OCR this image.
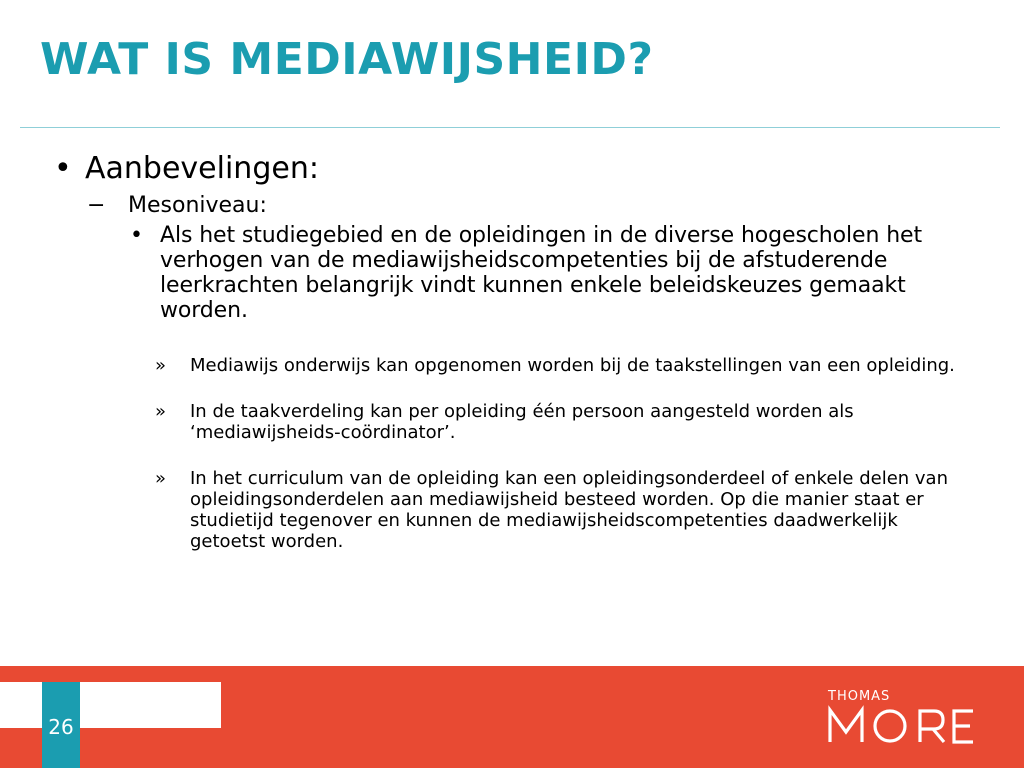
WAT IS MEDIAWIJSHEID?
• Aanbevelingen:
− Mesoniveau:
• Als het studiegebied en de opleidingen in de diverse hogescholen het verhogen van de mediawijsheidscompetenties bij de afstuderende leerkrachten belangrijk vindt kunnen enkele beleidskeuzes gemaakt worden.
» Mediawijs onderwijs kan opgenomen worden bij de taakstellingen van een opleiding.
» In de taakverdeling kan per opleiding één persoon aangesteld worden als ‘mediawijsheids-coördinator’.
» In het curriculum van de opleiding kan een opleidingsonderdeel of enkele delen van opleidingsonderdelen aan mediawijsheid besteed worden. Op die manier staat er studietijd tegenover en kunnen de mediawijsheidscompetenties daadwerkelijk getoetst worden.
26
THOMAS
MORE
